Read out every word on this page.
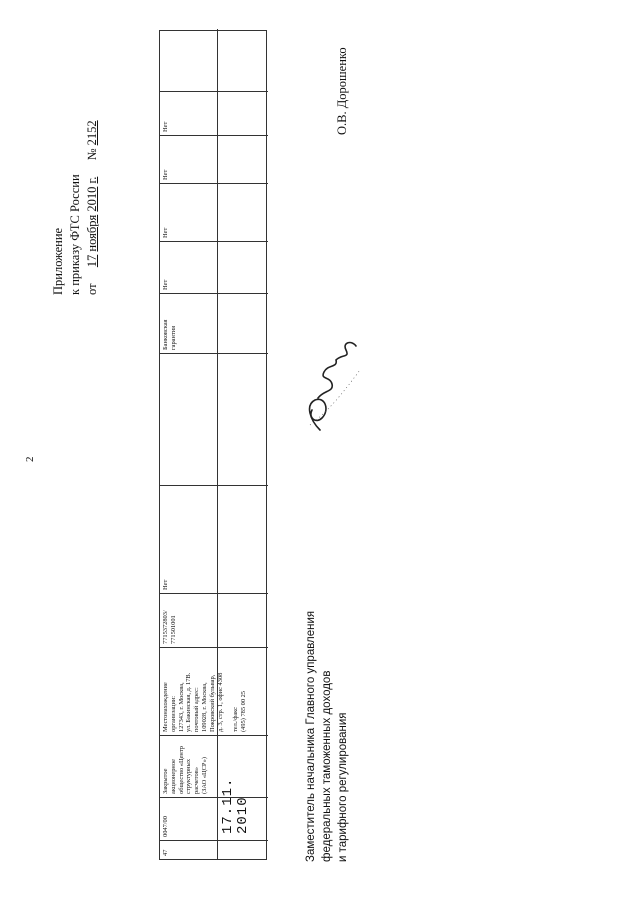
2
Приложение к приказу ФТС России от  17 ноября 2010 г.  № 2152
47
0047/00
Закрытое акционерное общество «Центр структурных расчетов» (ЗАО «ЦСР»)
Местонахождение организации: 127343, г. Москва, ул. Бакинская, д. 17В. почтовый адрес: 109028, г. Москва, Покровский бульвар, д. 3, стр. 1, офис 4308
тел./факс (495) 785 00 25
7715372803/ 771501001
Нет

Банковская гарантия
Нет
Нет
Нет
Нет

17.11. 2010

	Заместитель начальника Главного управления федеральных таможенных доходов и тарифного регулирования
О.В. Дорошенко
